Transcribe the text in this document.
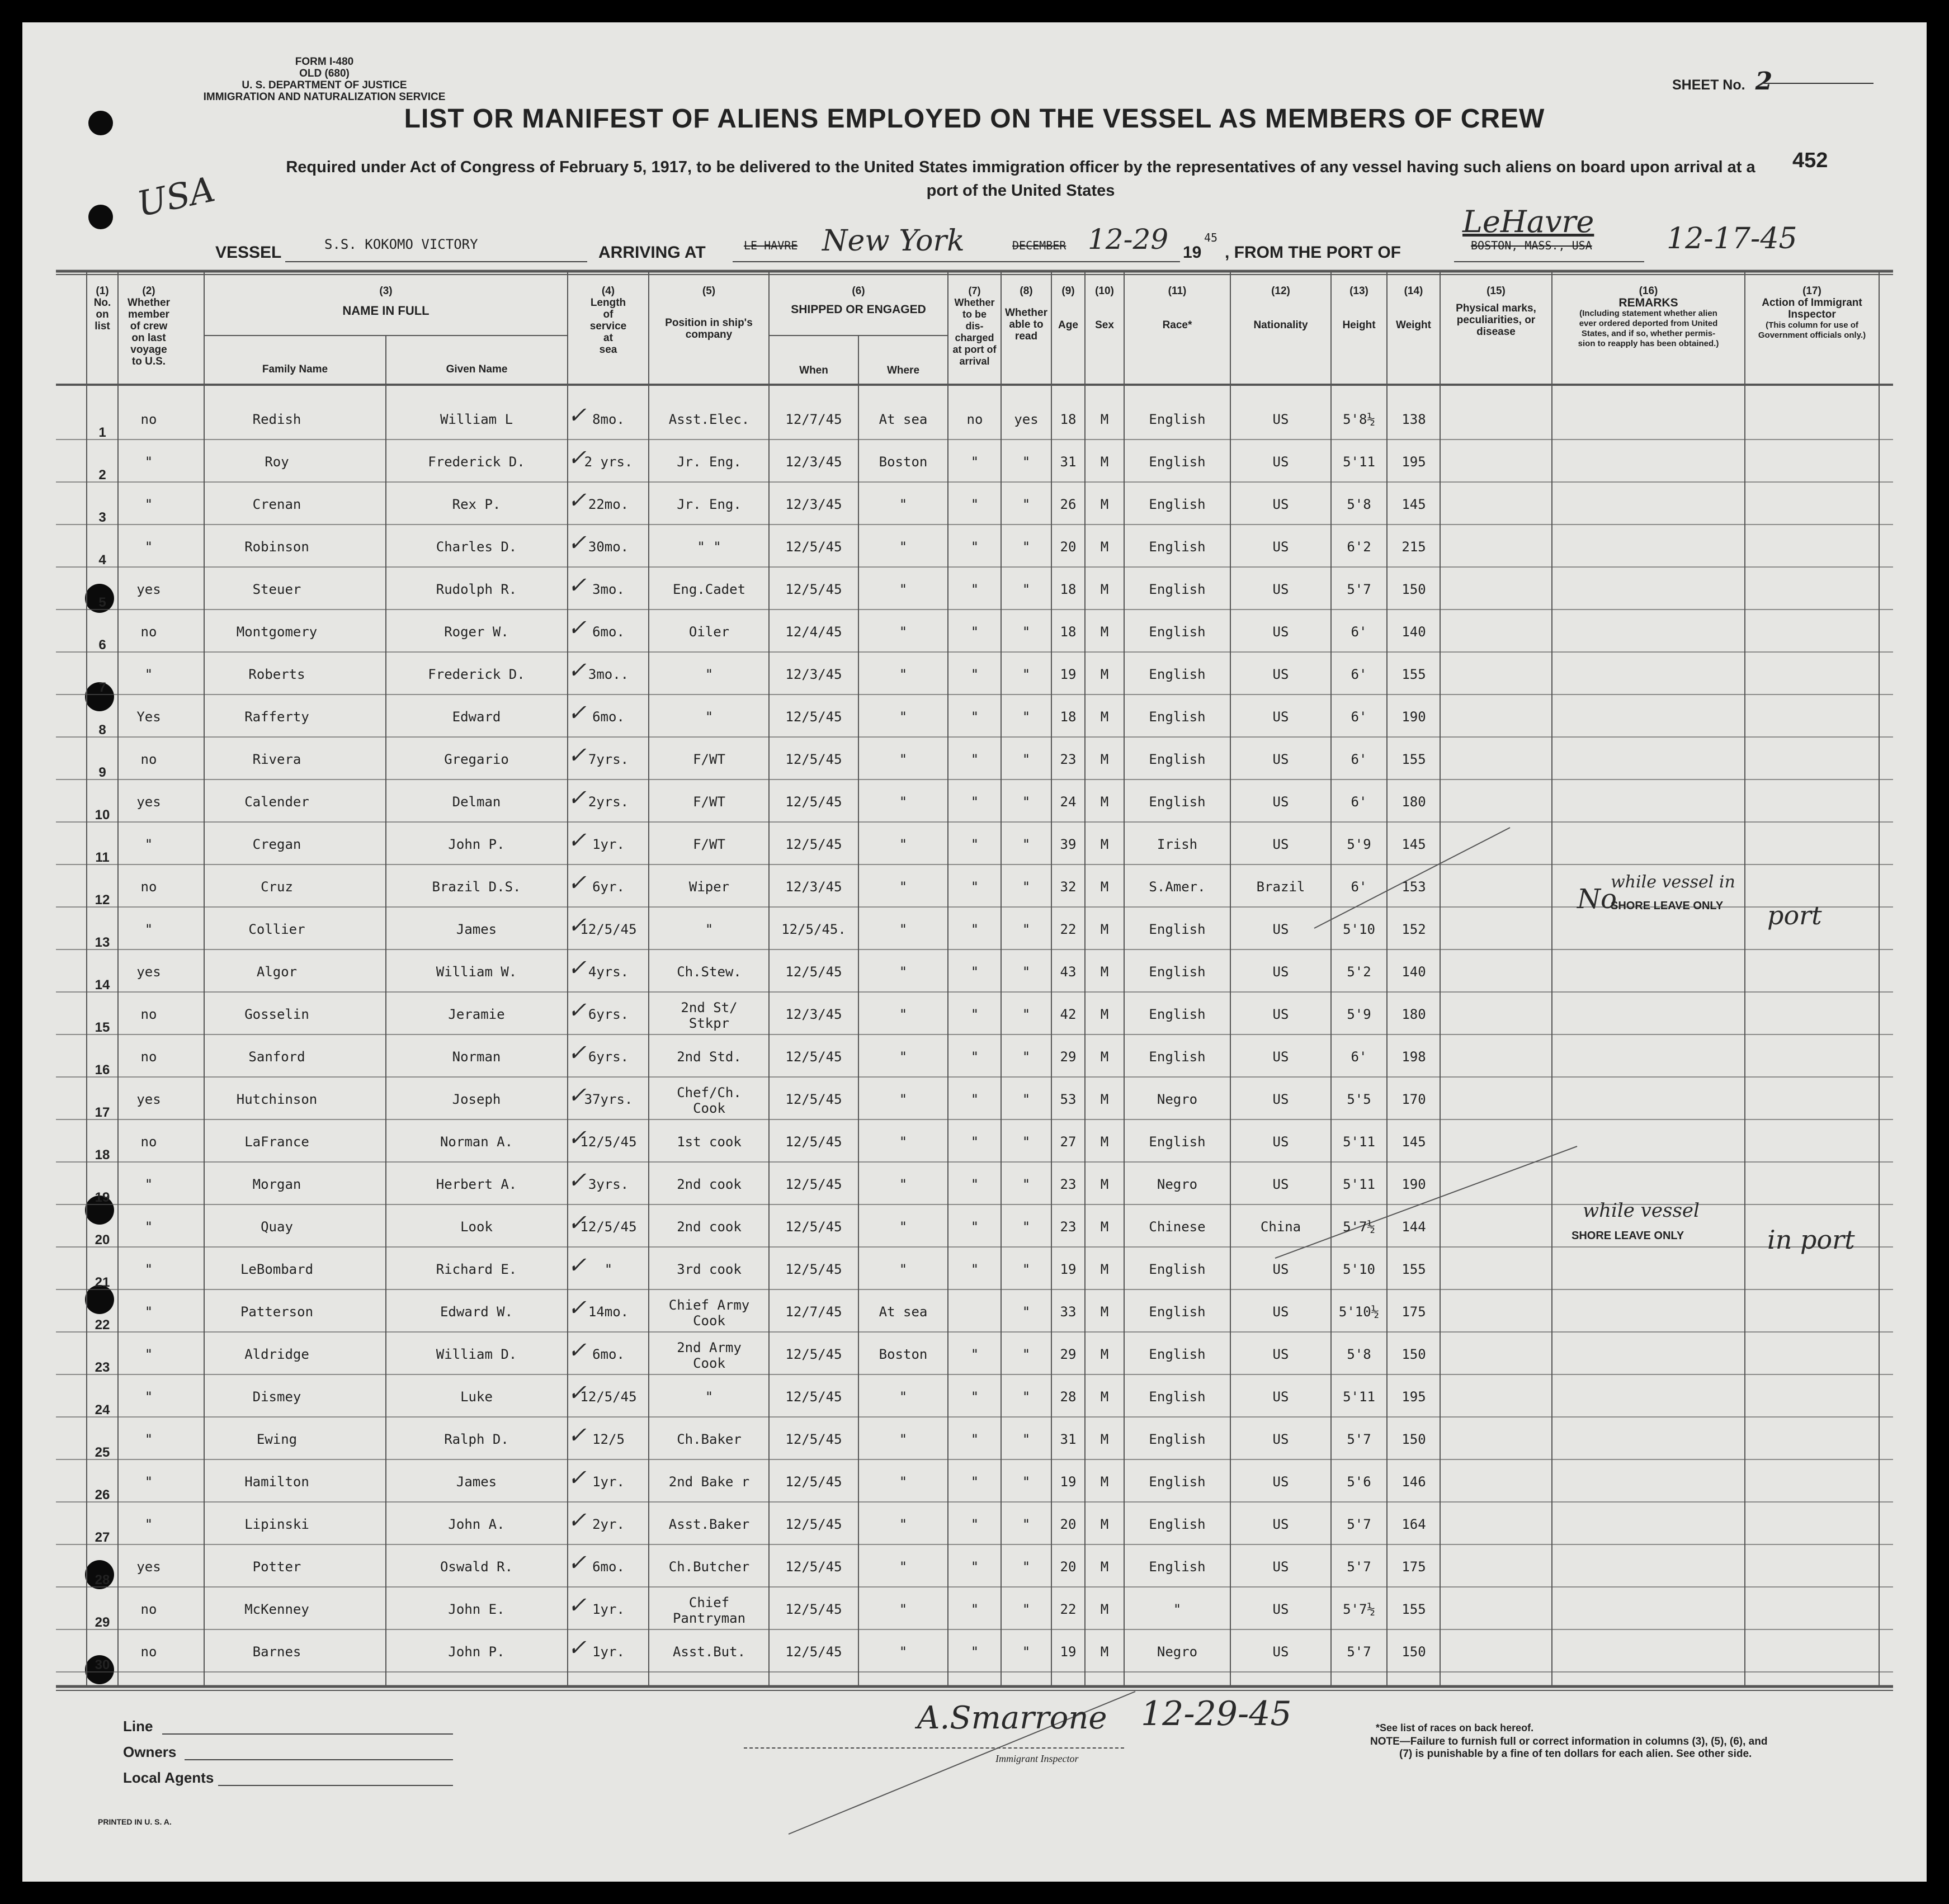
FORM I-480
OLD (680)
U. S. DEPARTMENT OF JUSTICE
IMMIGRATION AND NATURALIZATION SERVICE
SHEET No. 2
LIST OR MANIFEST OF ALIENS EMPLOYED ON THE VESSEL AS MEMBERS OF CREW
Required under Act of Congress of February 5, 1917, to be delivered to the United States immigration officer by the representatives of any vessel having such aliens on board upon arrival at a
port of the United States
452
USA
VESSEL	S.S. KOKOMO VICTORY	ARRIVING AT	LE HAVRE New York	DECEMBER 12-29 19
45
, FROM THE PORT OF
LeHavre
BOSTON, MASS., USA	12-17-45
(1)
No.
on
list
(2)
Whether
member
of crew
on last
voyage
to U.S.
(3)
NAME IN FULL
Family Name	Given Name
(4)
Length
of
service
at
sea
(5)
Position in ship's
company
(6)
SHIPPED OR ENGAGED
When	Where
(7)
Whether
to be
dis-
charged
at port of
arrival
(8)
Whether
able to
read
(9)
Age
(10)
Sex
(11)
Race*
(12)
Nationality
(13)
Height
(14)
Weight
(15)
Physical marks,
peculiarities, or
disease
(16)
REMARKS
(Including statement whether alien
ever ordered deported from United
States, and if so, whether permis-
sion to reapply has been obtained.)
(17)
Action of Immigrant
Inspector
(This column for use of
Government officials only.)
1
no	Redish	William L	8mo.	Asst.Elec.	12/7/45	At sea	no yes 18 M	English	US	5'8½ 138
✓
2
"	Roy	Frederick D.	2 yrs.	Jr. Eng.	12/3/45	Boston	"	" 31 M	English	US	5'11 195
✓
3
"	Crenan	Rex P.	22mo.	Jr. Eng.	12/3/45	"	"	" 26 M	English	US	5'8 145
✓
4
"	Robinson	Charles D.	30mo.	" "	12/5/45	"	"	" 20 M	English	US	6'2 215
✓
5
yes	Steuer	Rudolph R.	3mo.	Eng.Cadet	12/5/45	"	"	" 18 M	English	US	5'7 150
✓
6
no	Montgomery	Roger W.	6mo.	Oiler	12/4/45	"	"	" 18 M	English	US	6'	140
✓
7
"	Roberts	Frederick D.	3mo..	"	12/3/45	"	"	" 19 M	English	US	6'	155
✓
8
Yes	Rafferty	Edward	6mo.	"	12/5/45	"	"	" 18 M	English	US	6'	190
✓
9
no	Rivera	Gregario	7yrs.	F/WT	12/5/45	"	"	" 23 M	English	US	6'	155
✓
10
yes	Calender	Delman	2yrs.	F/WT	12/5/45	"	"	" 24 M	English	US	6'	180
✓
11
"	Cregan	John P.	1yr.	F/WT	12/5/45	"	"	" 39 M	Irish	US	5'9 145
✓
12
no	Cruz	Brazil D.S.	6yr.	Wiper	12/3/45	"	"	" 32 M	S.Amer.	Brazil	6'	153
✓
13
"	Collier	James	12/5/45	"	12/5/45.	"	"	" 22 M	English	US	5'10 152
✓
14
yes	Algor	William W.	4yrs.	Ch.Stew.	12/5/45	"	"	" 43 M	English	US	5'2 140
✓
15
no	Gosselin	Jeramie	6yrs.	2nd St/
Stkpr
12/3/45	"	"	" 42 M	English	US	5'9 180
✓
16
no	Sanford	Norman	6yrs.	2nd Std.	12/5/45	"	"	" 29 M	English	US	6'	198
✓
17
yes	Hutchinson	Joseph	37yrs.	Chef/Ch.
Cook
12/5/45	"	"	" 53 M	Negro	US	5'5 170
✓
18
no	LaFrance	Norman A.	12/5/45	1st cook	12/5/45	"	"	" 27 M	English	US	5'11 145
✓
19
"	Morgan	Herbert A.	3yrs.	2nd cook	12/5/45	"	"	" 23 M	Negro	US	5'11 190
✓
20
"	Quay	Look	12/5/45	2nd cook	12/5/45	"	"	" 23 M	Chinese	China	5'7½ 144
✓
21
"	LeBombard	Richard E.	"	3rd cook	12/5/45	"	"	" 19 M	English	US	5'10 155
✓
22
"	Patterson	Edward W.	14mo.	Chief Army
Cook
12/7/45	At sea	" 33 M	English	US	5'10½ 175
✓
23
"	Aldridge	William D.	6mo.	2nd Army
Cook
12/5/45	Boston	"	" 29 M	English	US	5'8 150
✓
24
"	Dismey	Luke	12/5/45	"	12/5/45	"	"	" 28 M	English	US	5'11 195
✓
25
"	Ewing	Ralph D.	12/5	Ch.Baker	12/5/45	"	"	" 31 M	English	US	5'7 150
✓
26
"	Hamilton	James	1yr.	2nd Bake r	12/5/45	"	"	" 19 M	English	US	5'6 146
✓
27
"	Lipinski	John A.	2yr.	Asst.Baker	12/5/45	"	"	" 20 M	English	US	5'7 164
✓
28
yes	Potter	Oswald R.	6mo.	Ch.Butcher	12/5/45	"	"	" 20 M	English	US	5'7 175
✓
29
no	McKenney	John E.	1yr.	Chief
Pantryman
12/5/45	"	"	" 22 M	"	US	5'7½ 155
✓
30
no	Barnes	John P.	1yr.	Asst.But.	12/5/45	"	"	" 19 M	Negro	US	5'7 150
✓
No
while vessel in
SHORE LEAVE ONLY port
while vessel
SHORE LEAVE ONLY	in port
Line
Owners
Local Agents
A.Smarrone 12-29-45
Immigrant Inspector
*See list of races on back hereof.
NOTE—Failure to furnish full or correct information in columns (3), (5), (6), and
(7) is punishable by a fine of ten dollars for each alien. See other side.
PRINTED IN U. S. A.
